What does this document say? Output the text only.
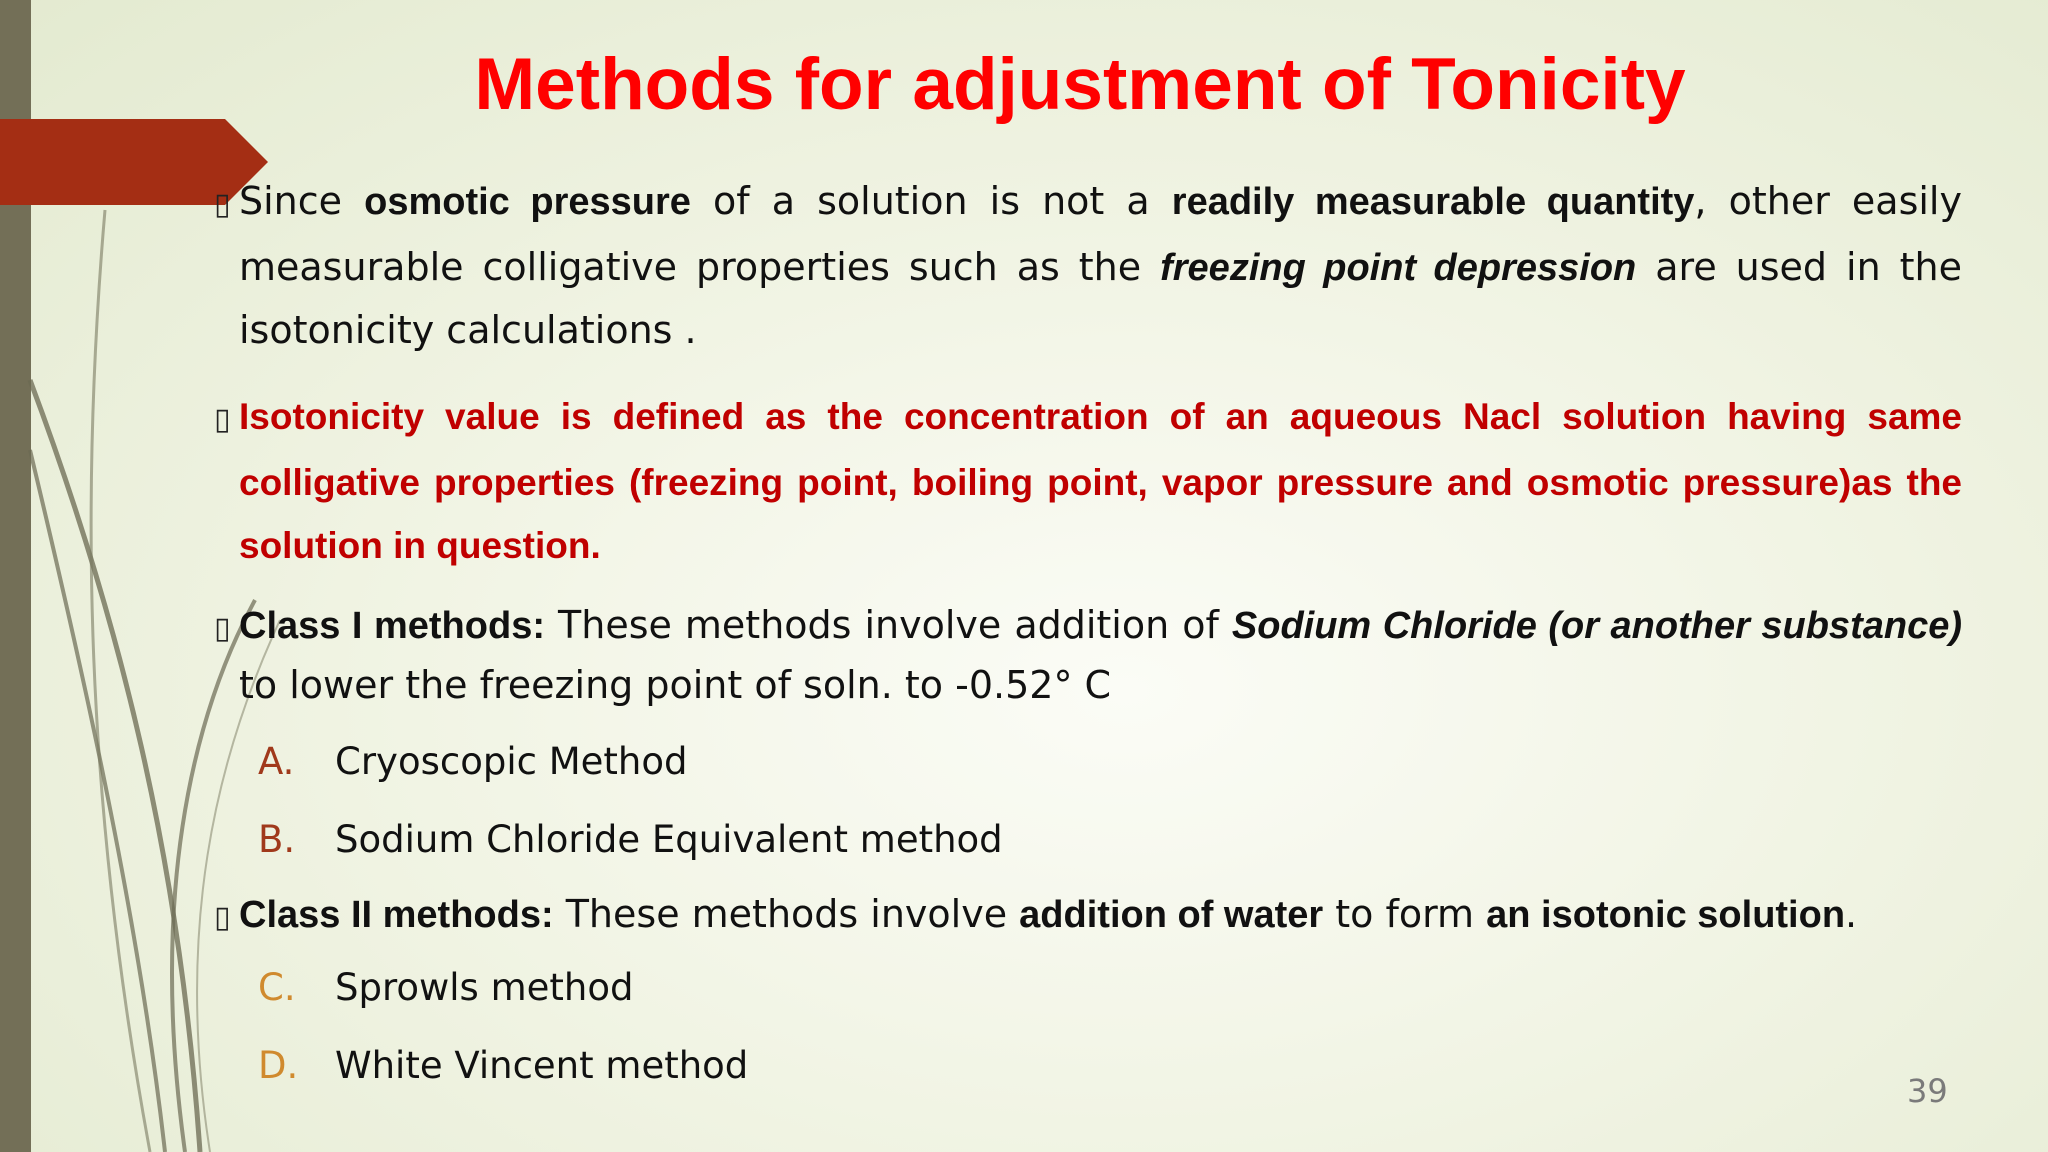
Methods for adjustment of Tonicity

▯ Since osmotic pressure of a solution is not a readily measurable quantity, other easily measurable colligative properties such as the freezing point depression are used in the isotonicity calculations .

▯ Isotonicity value is defined as the concentration of an aqueous Nacl solution having same colligative properties (freezing point, boiling point, vapor pressure and osmotic pressure)as the solution in question.

▯ Class I methods: These methods involve addition of Sodium Chloride (or another substance) to lower the freezing point of soln. to -0.52° C

A.	Cryoscopic Method
B.	Sodium Chloride Equivalent method

▯ Class II methods: These methods involve addition of water to form an isotonic solution.

C.	Sprowls method
D. White Vincent method
39
